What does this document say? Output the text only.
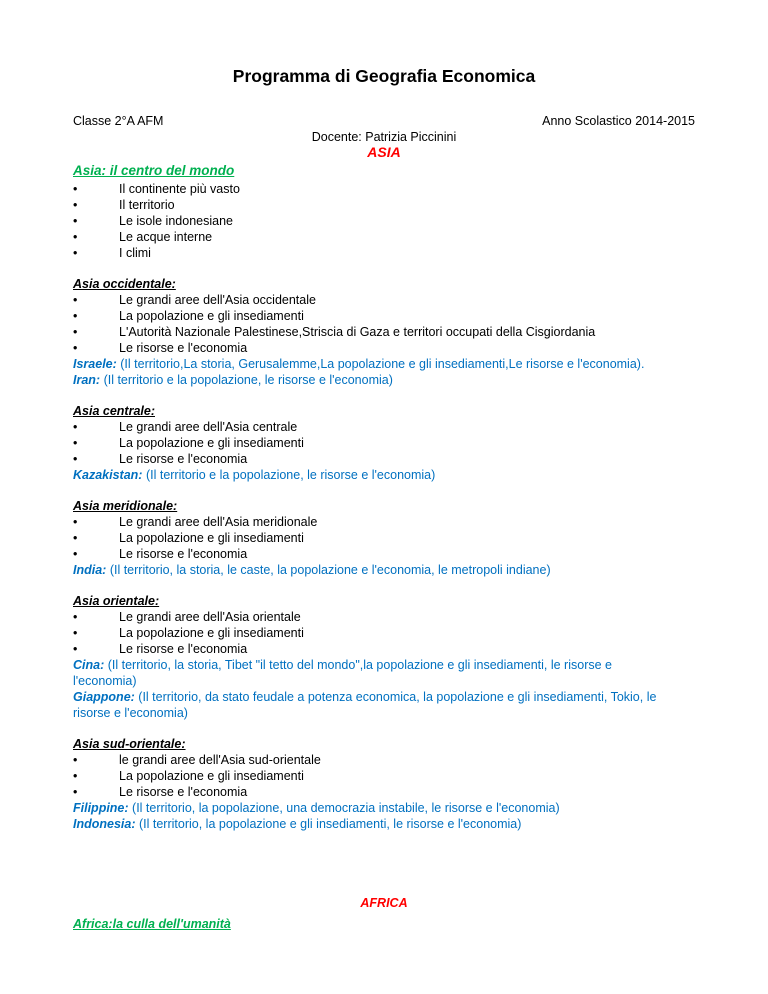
Programma di Geografia Economica
Classe 2°A AFM	Anno Scolastico 2014-2015
Docente: Patrizia Piccinini
ASIA
Asia: il centro del mondo
•	Il continente più vasto
•	Il territorio
•	Le isole indonesiane
•	Le acque interne
•	I climi
Asia occidentale:
•	Le grandi aree dell'Asia occidentale
•	La popolazione e gli insediamenti
•	L'Autorità Nazionale Palestinese,Striscia di Gaza e territori occupati della Cisgiordania
•	Le risorse e l'economia
Israele: (Il territorio,La storia, Gerusalemme,La popolazione e gli insediamenti,Le risorse e l'economia).
Iran: (Il territorio e la popolazione, le risorse e l'economia)
Asia centrale:
•	Le grandi aree dell'Asia centrale
•	La popolazione e gli insediamenti
•	Le risorse e l'economia
Kazakistan: (Il territorio e la popolazione, le risorse e l'economia)
Asia meridionale:
•	Le grandi aree dell'Asia meridionale
•	La popolazione e gli insediamenti
•	Le risorse e l'economia
India: (Il territorio, la storia, le caste, la popolazione e l'economia, le metropoli indiane)
Asia orientale:
•	Le grandi aree dell'Asia orientale
•	La popolazione e gli insediamenti
•	Le risorse e l'economia
Cina: (Il territorio, la storia, Tibet "il tetto del mondo",la popolazione e gli insediamenti, le risorse e
l'economia)
Giappone: (Il territorio, da stato feudale a potenza economica, la popolazione e gli insediamenti, Tokio, le
risorse e l'economia)
Asia sud-orientale:
•	le grandi aree dell'Asia sud-orientale
•	La popolazione e gli insediamenti
•	Le risorse e l'economia
Filippine: (Il territorio, la popolazione, una democrazia instabile, le risorse e l'economia)
Indonesia: (Il territorio, la popolazione e gli insediamenti, le risorse e l'economia)
AFRICA
Africa:la culla dell'umanità
